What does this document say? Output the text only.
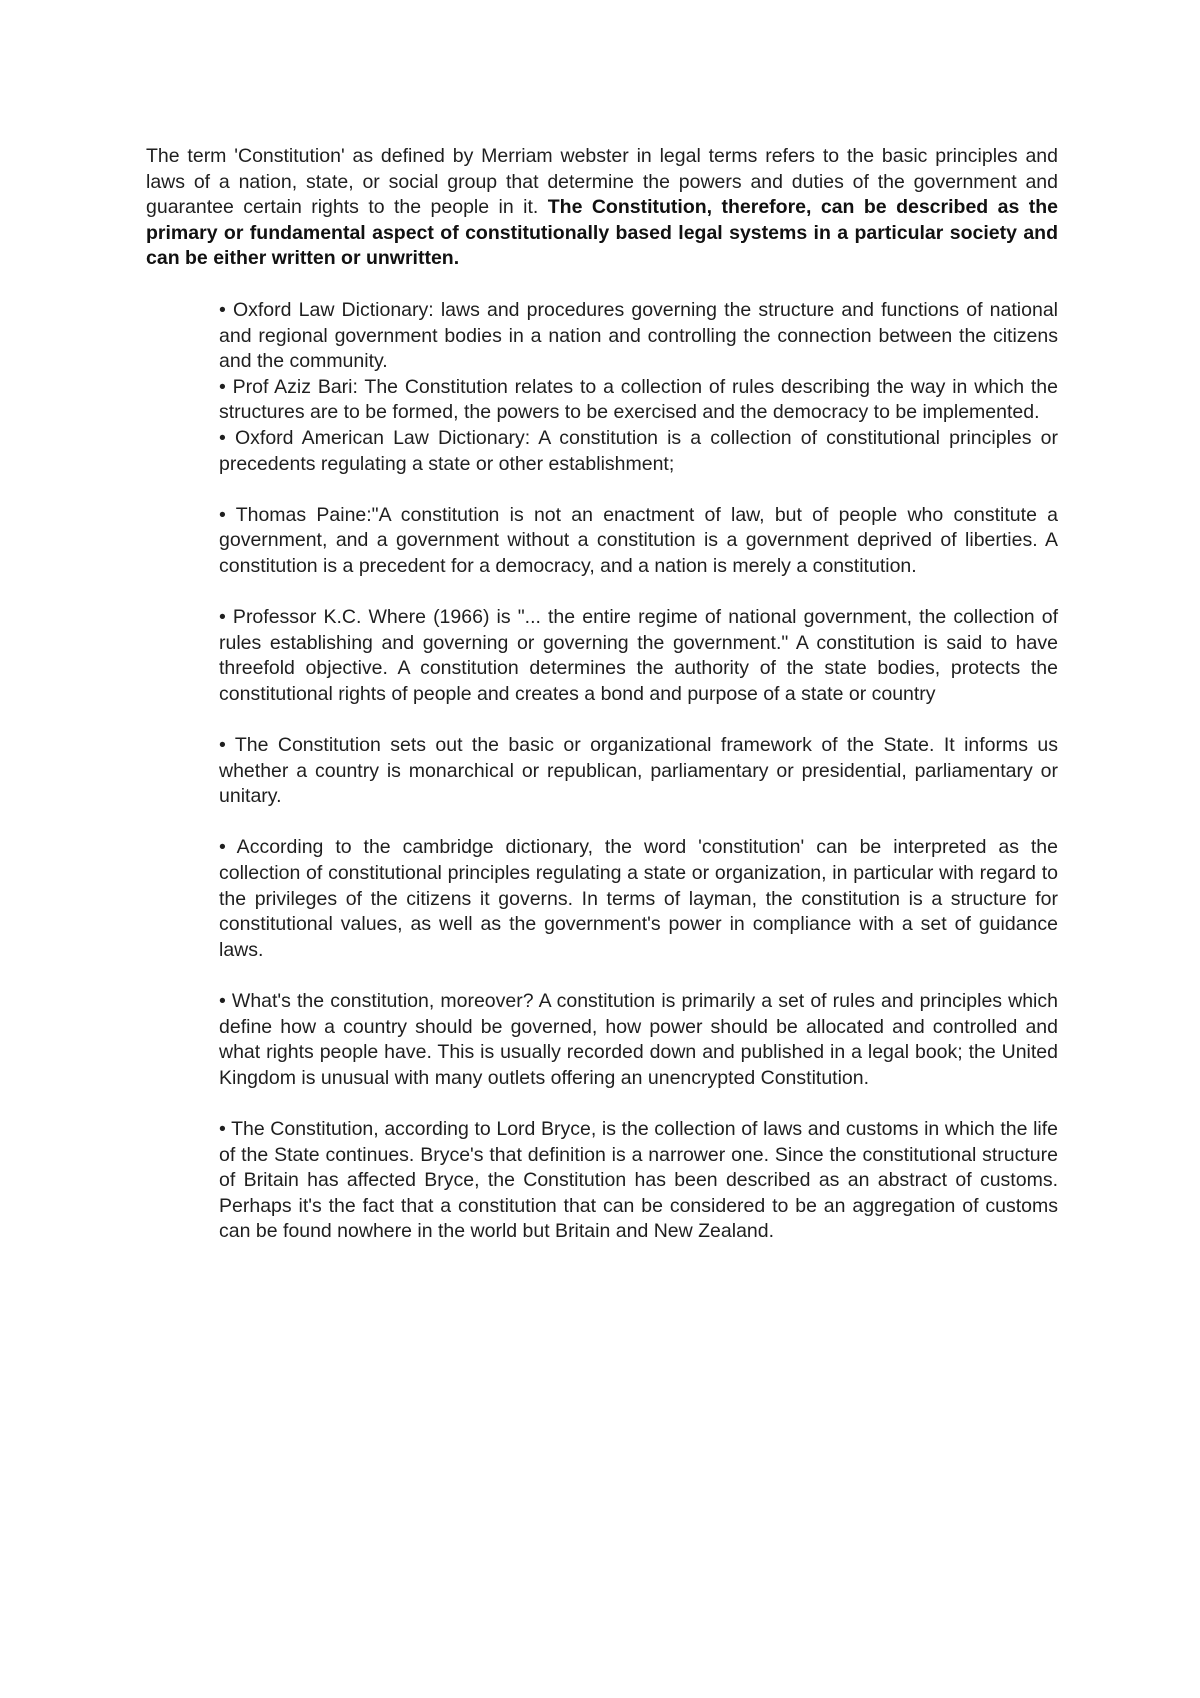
The term 'Constitution' as defined by Merriam webster in legal terms refers to the basic principles and laws of a nation, state, or social group that determine the powers and duties of the government and guarantee certain rights to the people in it. The Constitution, therefore, can be described as the primary or fundamental aspect of constitutionally based legal systems in a particular society and can be either written or unwritten.

• Oxford Law Dictionary: laws and procedures governing the structure and functions of national and regional government bodies in a nation and controlling the connection between the citizens and the community.

• Prof Aziz Bari: The Constitution relates to a collection of rules describing the way in which the structures are to be formed, the powers to be exercised and the democracy to be implemented.

• Oxford American Law Dictionary: A constitution is a collection of constitutional principles or precedents regulating a state or other establishment;

• Thomas Paine:"A constitution is not an enactment of law, but of people who constitute a government, and a government without a constitution is a government deprived of liberties. A constitution is a precedent for a democracy, and a nation is merely a constitution.

• Professor K.C. Where (1966) is "... the entire regime of national government, the collection of rules establishing and governing or governing the government." A constitution is said to have threefold objective. A constitution determines the authority of the state bodies, protects the constitutional rights of people and creates a bond and purpose of a state or country

• The Constitution sets out the basic or organizational framework of the State. It informs us whether a country is monarchical or republican, parliamentary or presidential, parliamentary or unitary.

• According to the cambridge dictionary, the word 'constitution' can be interpreted as the collection of constitutional principles regulating a state or organization, in particular with regard to the privileges of the citizens it governs. In terms of layman, the constitution is a structure for constitutional values, as well as the government's power in compliance with a set of guidance laws.

• What's the constitution, moreover? A constitution is primarily a set of rules and principles which define how a country should be governed, how power should be allocated and controlled and what rights people have. This is usually recorded down and published in a legal book; the United Kingdom is unusual with many outlets offering an unencrypted Constitution.

• The Constitution, according to Lord Bryce, is the collection of laws and customs in which the life of the State continues. Bryce's that definition is a narrower one. Since the constitutional structure of Britain has affected Bryce, the Constitution has been described as an abstract of customs. Perhaps it's the fact that a constitution that can be considered to be an aggregation of customs can be found nowhere in the world but Britain and New Zealand.
